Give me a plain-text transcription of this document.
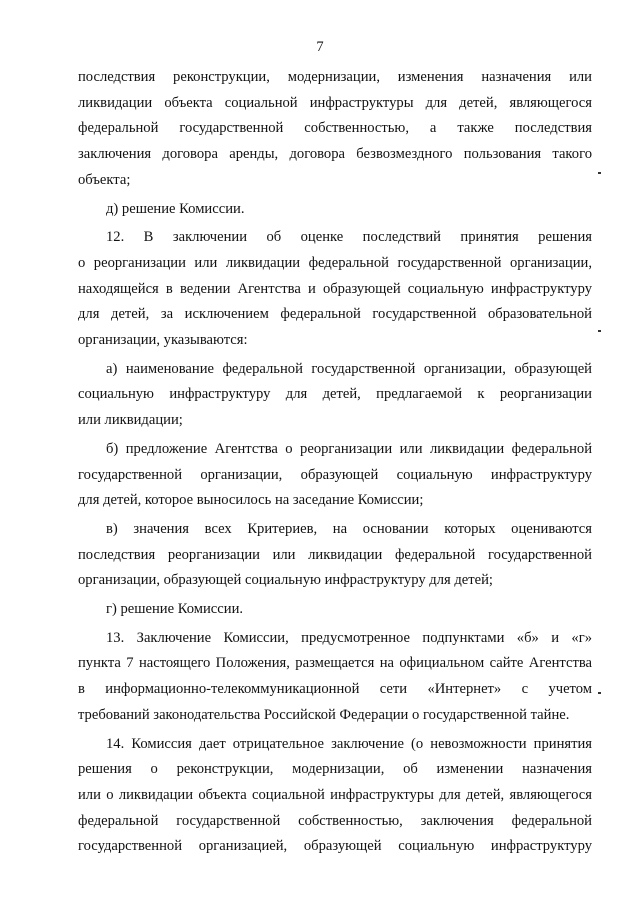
7
последствия реконструкции, модернизации, изменения назначения или
ликвидации объекта социальной инфраструктуры для детей, являющегося
федеральной государственной собственностью, а также последствия
заключения договора аренды, договора безвозмездного пользования такого
объекта;
д) решение Комиссии.
12. В заключении об оценке последствий принятия решения
о реорганизации или ликвидации федеральной государственной организации,
находящейся в ведении Агентства и образующей социальную инфраструктуру
для детей, за исключением федеральной государственной образовательной
организации, указываются:
а) наименование федеральной государственной организации, образующей
социальную инфраструктуру для детей, предлагаемой к реорганизации
или ликвидации;
б) предложение Агентства о реорганизации или ликвидации федеральной
государственной организации, образующей социальную инфраструктуру
для детей, которое выносилось на заседание Комиссии;
в) значения всех Критериев, на основании которых оцениваются
последствия реорганизации или ликвидации федеральной государственной
организации, образующей социальную инфраструктуру для детей;
г) решение Комиссии.
13. Заключение Комиссии, предусмотренное подпунктами «б» и «г»
пункта 7 настоящего Положения, размещается на официальном сайте Агентства
в информационно-телекоммуникационной сети «Интернет» с учетом
требований законодательства Российской Федерации о государственной тайне.
14. Комиссия дает отрицательное заключение (о невозможности принятия
решения о реконструкции, модернизации, об изменении назначения
или о ликвидации объекта социальной инфраструктуры для детей, являющегося
федеральной государственной собственностью, заключения федеральной
государственной организацией, образующей социальную инфраструктуру
